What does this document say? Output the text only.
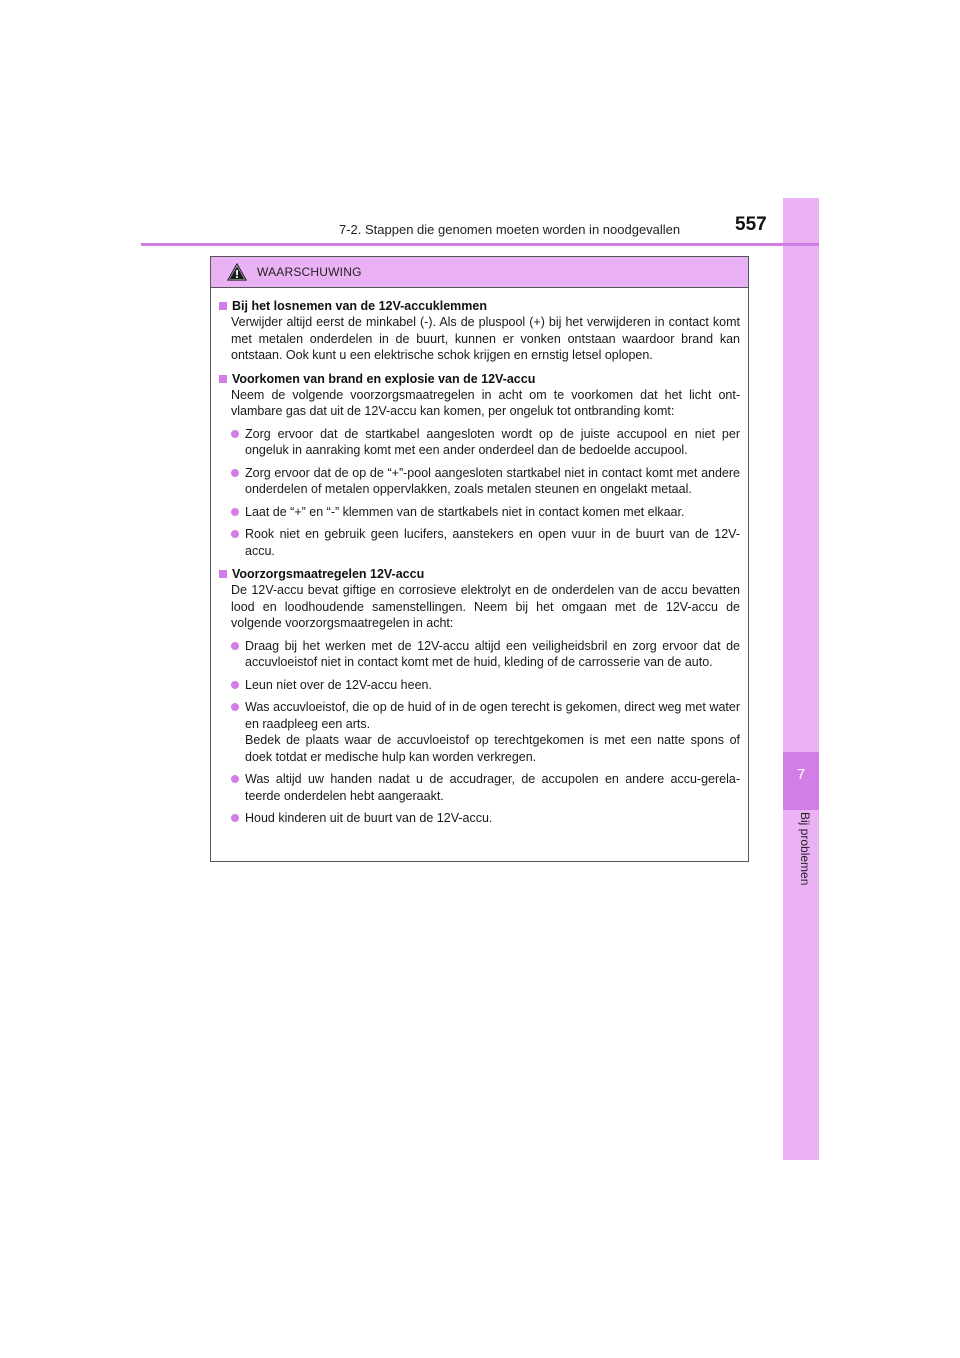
7
Bij problemen
7-2. Stappen die genomen moeten worden in noodgevallen	557
WAARSCHUWING
Bij het losnemen van de 12V-accuklemmen
Verwijder altijd eerst de minkabel (-). Als de pluspool (+) bij het verwijderen in contact komt met metalen onderdelen in de buurt, kunnen er vonken ontstaan waardoor brand kan ontstaan. Ook kunt u een elektrische schok krijgen en ernstig letsel oplopen.
Voorkomen van brand en explosie van de 12V-accu
Neem de volgende voorzorgsmaatregelen in acht om te voorkomen dat het licht ont-vlambare gas dat uit de 12V-accu kan komen, per ongeluk tot ontbranding komt:
Zorg ervoor dat de startkabel aangesloten wordt op de juiste accupool en niet per ongeluk in aanraking komt met een ander onderdeel dan de bedoelde accupool.
Zorg ervoor dat de op de “+”-pool aangesloten startkabel niet in contact komt met andere onderdelen of metalen oppervlakken, zoals metalen steunen en ongelakt metaal.
Laat de “+” en “-” klemmen van de startkabels niet in contact komen met elkaar.
Rook niet en gebruik geen lucifers, aanstekers en open vuur in de buurt van de 12V-accu.
Voorzorgsmaatregelen 12V-accu
De 12V-accu bevat giftige en corrosieve elektrolyt en de onderdelen van de accu bevatten lood en loodhoudende samenstellingen. Neem bij het omgaan met de 12V-accu de volgende voorzorgsmaatregelen in acht:
Draag bij het werken met de 12V-accu altijd een veiligheidsbril en zorg ervoor dat de accuvloeistof niet in contact komt met de huid, kleding of de carrosserie van de auto.
Leun niet over de 12V-accu heen.
Was accuvloeistof, die op de huid of in de ogen terecht is gekomen, direct weg met water en raadpleeg een arts.
Bedek de plaats waar de accuvloeistof op terechtgekomen is met een natte spons of doek totdat er medische hulp kan worden verkregen.
Was altijd uw handen nadat u de accudrager, de accupolen en andere accu-gerela-teerde onderdelen hebt aangeraakt.
Houd kinderen uit de buurt van de 12V-accu.
